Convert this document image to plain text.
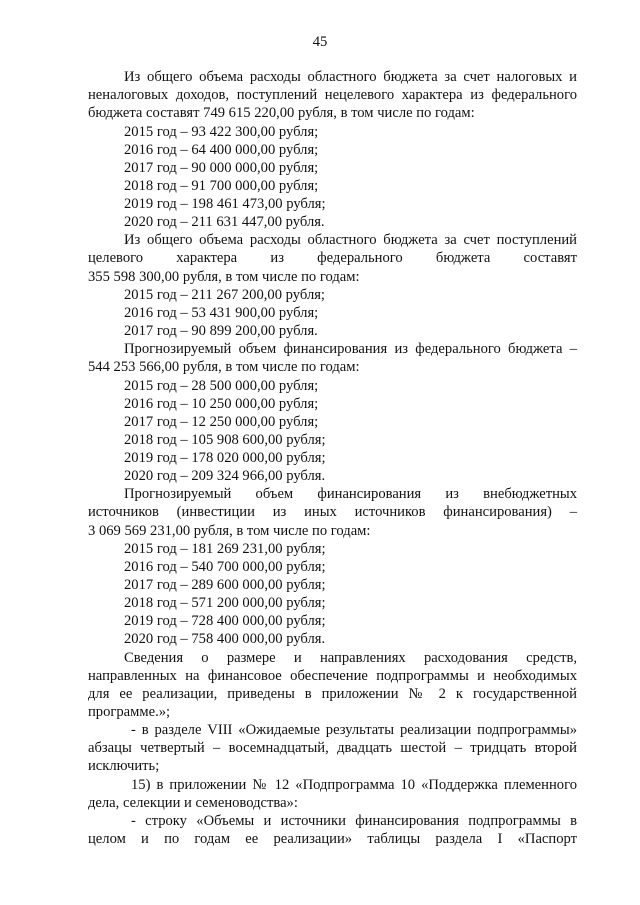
45
Из общего объема расходы областного бюджета за счет налоговых и
неналоговых доходов, поступлений нецелевого характера из федерального
бюджета составят 749 615 220,00 рубля, в том числе по годам:
2015 год – 93 422 300,00 рубля;
2016 год – 64 400 000,00 рубля;
2017 год – 90 000 000,00 рубля;
2018 год – 91 700 000,00 рубля;
2019 год – 198 461 473,00 рубля;
2020 год – 211 631 447,00 рубля.
Из общего объема расходы областного бюджета за счет поступлений
целевого характера из федерального бюджета составят
355 598 300,00 рубля, в том числе по годам:
2015 год – 211 267 200,00 рубля;
2016 год – 53 431 900,00 рубля;
2017 год – 90 899 200,00 рубля.
Прогнозируемый объем финансирования из федерального бюджета –
544 253 566,00 рубля, в том числе по годам:
2015 год – 28 500 000,00 рубля;
2016 год – 10 250 000,00 рубля;
2017 год – 12 250 000,00 рубля;
2018 год – 105 908 600,00 рубля;
2019 год – 178 020 000,00 рубля;
2020 год – 209 324 966,00 рубля.
Прогнозируемый объем финансирования из внебюджетных
источников (инвестиции из иных источников финансирования) –
3 069 569 231,00 рубля, в том числе по годам:
2015 год – 181 269 231,00 рубля;
2016 год – 540 700 000,00 рубля;
2017 год – 289 600 000,00 рубля;
2018 год – 571 200 000,00 рубля;
2019 год – 728 400 000,00 рубля;
2020 год – 758 400 000,00 рубля.
Сведения о размере и направлениях расходования средств,
направленных на финансовое обеспечение подпрограммы и необходимых
для ее реализации, приведены в приложении № 2 к государственной
программе.»;
- в разделе VIII «Ожидаемые результаты реализации подпрограммы»
абзацы четвертый – восемнадцатый, двадцать шестой – тридцать второй
исключить;
15) в приложении № 12 «Подпрограмма 10 «Поддержка племенного
дела, селекции и семеноводства»:
- строку «Объемы и источники финансирования подпрограммы в
целом и по годам ее реализации» таблицы раздела I «Паспорт
